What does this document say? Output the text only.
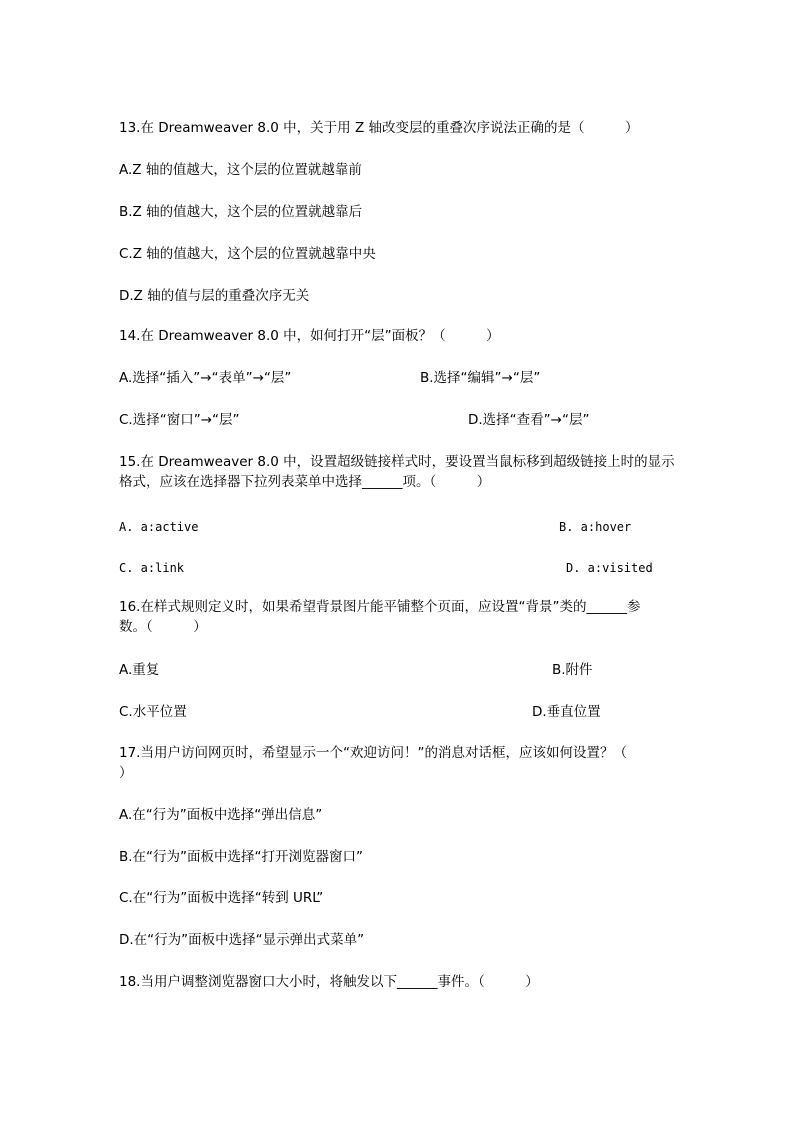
13.在 Dreamweaver 8.0 中，关于用 Z 轴改变层的重叠次序说法正确的是（　　　）
A.Z 轴的值越大，这个层的位置就越靠前
B.Z 轴的值越大，这个层的位置就越靠后
C.Z 轴的值越大，这个层的位置就越靠中央
D.Z 轴的值与层的重叠次序无关
14.在 Dreamweaver 8.0 中，如何打开“层”面板？（　　　）
A.选择“插入”→“表单”→“层”	B.选择“编辑”→“层”
C.选择“窗口”→“层”	D.选择“查看”→“层”
15.在 Dreamweaver 8.0 中，设置超级链接样式时，要设置当鼠标移到超级链接上时的显示
格式，应该在选择器下拉列表菜单中选择______项。（　　　）
A. a:active	B. a:hover
C. a:link	D. a:visited
16.在样式规则定义时，如果希望背景图片能平铺整个页面，应设置“背景”类的______参
数。（　　　）
A.重复	B.附件
C.水平位置	D.垂直位置
17.当用户访问网页时，希望显示一个“欢迎访问！”的消息对话框，应该如何设置？（
）
A.在“行为”面板中选择“弹出信息”
B.在“行为”面板中选择“打开浏览器窗口”
C.在“行为”面板中选择“转到 URL”
D.在“行为”面板中选择“显示弹出式菜单”
18.当用户调整浏览器窗口大小时，将触发以下______事件。（　　　）
